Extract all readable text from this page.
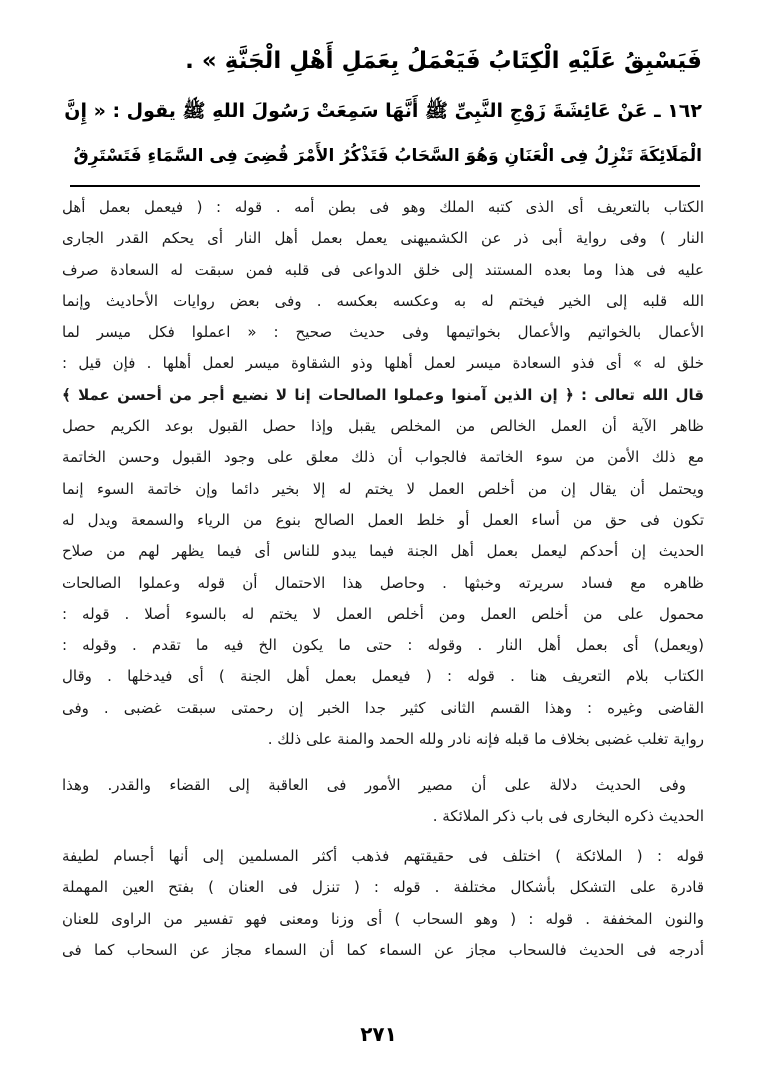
فَيَسْبِقُ عَلَيْهِ الْكِتَابُ فَيَعْمَلُ بِعَمَلِ أَهْلِ الْجَنَّةِ » .
١٦٢ ـ عَنْ عَائِشَةَ زَوْجِ النَّبِىِّ ﷺ أَنَّهَا سَمِعَتْ رَسُولَ اللهِ ﷺ يقول : « إِنَّ
الْمَلَائِكَةَ تَنْزِلُ فِى الْعَنَانِ وَهُوَ السَّحَابُ فَتَذْكُرُ الأَمْرَ قُضِىَ فِى السَّمَاءِ فَتَسْتَرِقُ
الكتاب بالتعريف أى الذى كتبه الملك وهو فى بطن أمه . قوله : ( فيعمل بعمل أهل
النار ) وفى رواية أبى ذر عن الكشميهنى يعمل بعمل أهل النار أى يحكم القدر الجارى
عليه فى هذا وما بعده المستند إلى خلق الدواعى فى قلبه فمن سبقت له السعادة صرف
الله قلبه إلى الخير فيختم له به وعكسه بعكسه . وفى بعض روايات الأحاديث وإنما
الأعمال بالخواتيم والأعمال بخواتيمها وفى حديث صحيح : « اعملوا فكل ميسر لما
خلق له » أى فذو السعادة ميسر لعمل أهلها وذو الشقاوة ميسر لعمل أهلها . فإن قيل :
قال الله تعالى : ﴿ إن الذين آمنوا وعملوا الصالحات إنا لا نضيع أجر من أحسن عملا ﴾
ظاهر الآية أن العمل الخالص من المخلص يقبل وإذا حصل القبول بوعد الكريم حصل
مع ذلك الأمن من سوء الخاتمة فالجواب أن ذلك معلق على وجود القبول وحسن الخاتمة
ويحتمل أن يقال إن من أخلص العمل لا يختم له إلا بخير دائما وإن خاتمة السوء إنما
تكون فى حق من أساء العمل أو خلط العمل الصالح بنوع من الرياء والسمعة ويدل له
الحديث إن أحدكم ليعمل بعمل أهل الجنة فيما يبدو للناس أى فيما يظهر لهم من صلاح
ظاهره مع فساد سريرته وخبثها . وحاصل هذا الاحتمال أن قوله وعملوا الصالحات
محمول على من أخلص العمل ومن أخلص العمل لا يختم له بالسوء أصلا . قوله :
(ويعمل) أى بعمل أهل النار . وقوله : حتى ما يكون الخ فيه ما تقدم . وقوله :
الكتاب بلام التعريف هنا . قوله : ( فيعمل بعمل أهل الجنة ) أى فيدخلها . وقال
القاضى وغيره : وهذا القسم الثانى كثير جدا الخبر إن رحمتى سبقت غضبى . وفى
رواية تغلب غضبى بخلاف ما قبله فإنه نادر ولله الحمد والمنة على ذلك .
وفى الحديث دلالة على أن مصير الأمور فى العاقبة إلى القضاء والقدر. وهذا
الحديث ذكره البخارى فى باب ذكر الملائكة .
قوله : ( الملائكة ) اختلف فى حقيقتهم فذهب أكثر المسلمين إلى أنها أجسام لطيفة
قادرة على التشكل بأشكال مختلفة . قوله : ( تنزل فى العنان ) بفتح العين المهملة
والنون المخففة . قوله : ( وهو السحاب ) أى وزنا ومعنى فهو تفسير من الراوى للعنان
أدرجه فى الحديث فالسحاب مجاز عن السماء كما أن السماء مجاز عن السحاب كما فى
٢٧١
